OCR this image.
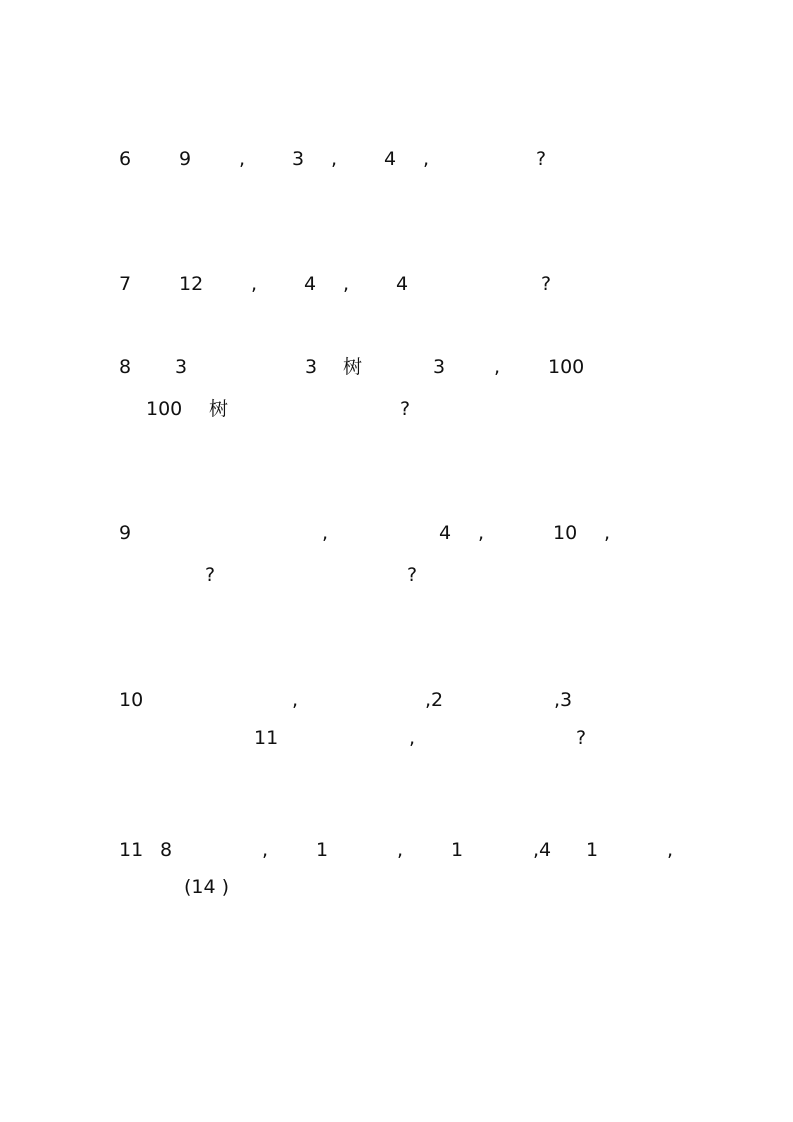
6	9	, 3 , 4 ,	?
7	12	, 4 , 4	?
8 3	3 树	3	,	100
100 树	?
9	,	4 ,	10 ,
?	?
10	,	,2	,3
11	,	?
11 8	,	1	,	1	,4 1	,
(14 )
